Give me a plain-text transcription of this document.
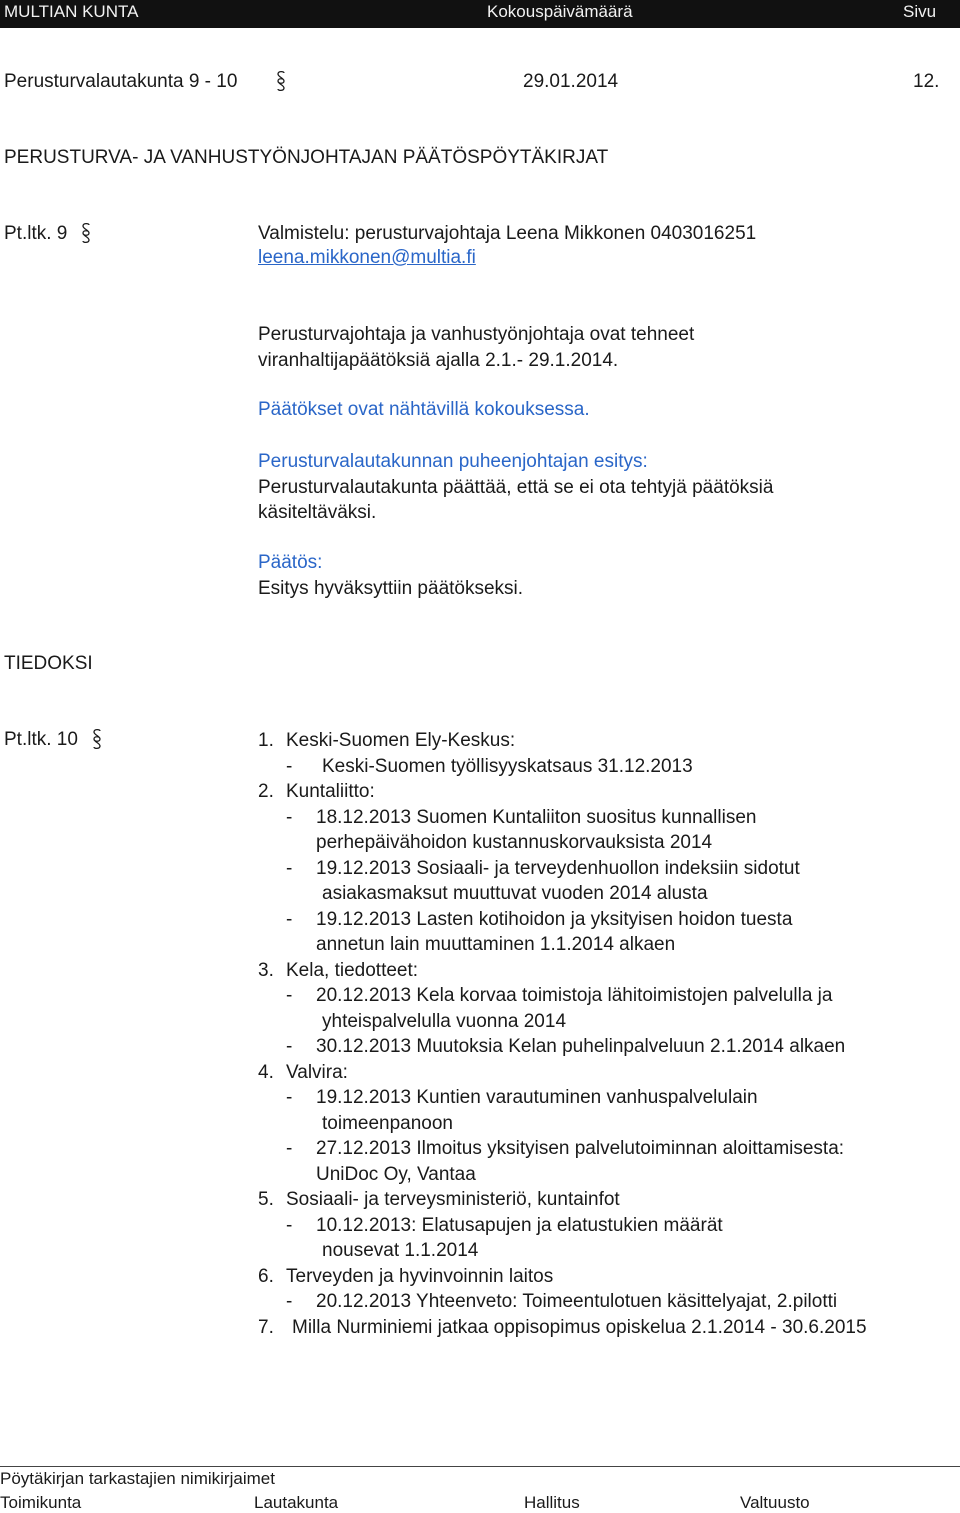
MULTIAN KUNTA	Kokouspäivämäärä	Sivu
Perusturvalautakunta 9 - 10	29.01.2014	12.
PERUSTURVA- JA VANHUSTYÖNJOHTAJAN PÄÄTÖSPÖYTÄKIRJAT
Pt.ltk. 9	Valmistelu: perusturvajohtaja Leena Mikkonen 0403016251
leena.mikkonen@multia.fi
Perusturvajohtaja ja vanhustyönjohtaja ovat tehneet
viranhaltijapäätöksiä ajalla 2.1.- 29.1.2014.
Päätökset ovat nähtävillä kokouksessa.
Perusturvalautakunnan puheenjohtajan esitys:
Perusturvalautakunta päättää, että se ei ota tehtyjä päätöksiä
käsiteltäväksi.
Päätös:
Esitys hyväksyttiin päätökseksi.
TIEDOKSI
Pt.ltk. 10	1. Keski-Suomen Ely-Keskus:
- Keski-Suomen työllisyyskatsaus 31.12.2013
2. Kuntaliitto:
- 18.12.2013 Suomen Kuntaliiton suositus kunnallisen
perhepäivähoidon kustannuskorvauksista 2014
- 19.12.2013 Sosiaali- ja terveydenhuollon indeksiin sidotut
asiakasmaksut muuttuvat vuoden 2014 alusta
- 19.12.2013 Lasten kotihoidon ja yksityisen hoidon tuesta
annetun lain muuttaminen 1.1.2014 alkaen
3. Kela, tiedotteet:
- 20.12.2013 Kela korvaa toimistoja lähitoimistojen palvelulla ja
yhteispalvelulla vuonna 2014
- 30.12.2013 Muutoksia Kelan puhelinpalveluun 2.1.2014 alkaen
4. Valvira:
- 19.12.2013 Kuntien varautuminen vanhuspalvelulain
toimeenpanoon
- 27.12.2013 Ilmoitus yksityisen palvelutoiminnan aloittamisesta:
UniDoc Oy, Vantaa
5. Sosiaali- ja terveysministeriö, kuntainfot
- 10.12.2013: Elatusapujen ja elatustukien määrät
nousevat 1.1.2014
6. Terveyden ja hyvinvoinnin laitos
- 20.12.2013 Yhteenveto: Toimeentulotuen käsittelyajat, 2.pilotti
7. Milla Nurminiemi jatkaa oppisopimus opiskelua 2.1.2014 - 30.6.2015
Pöytäkirjan tarkastajien nimikirjaimet
Toimikunta	Lautakunta	Hallitus	Valtuusto
